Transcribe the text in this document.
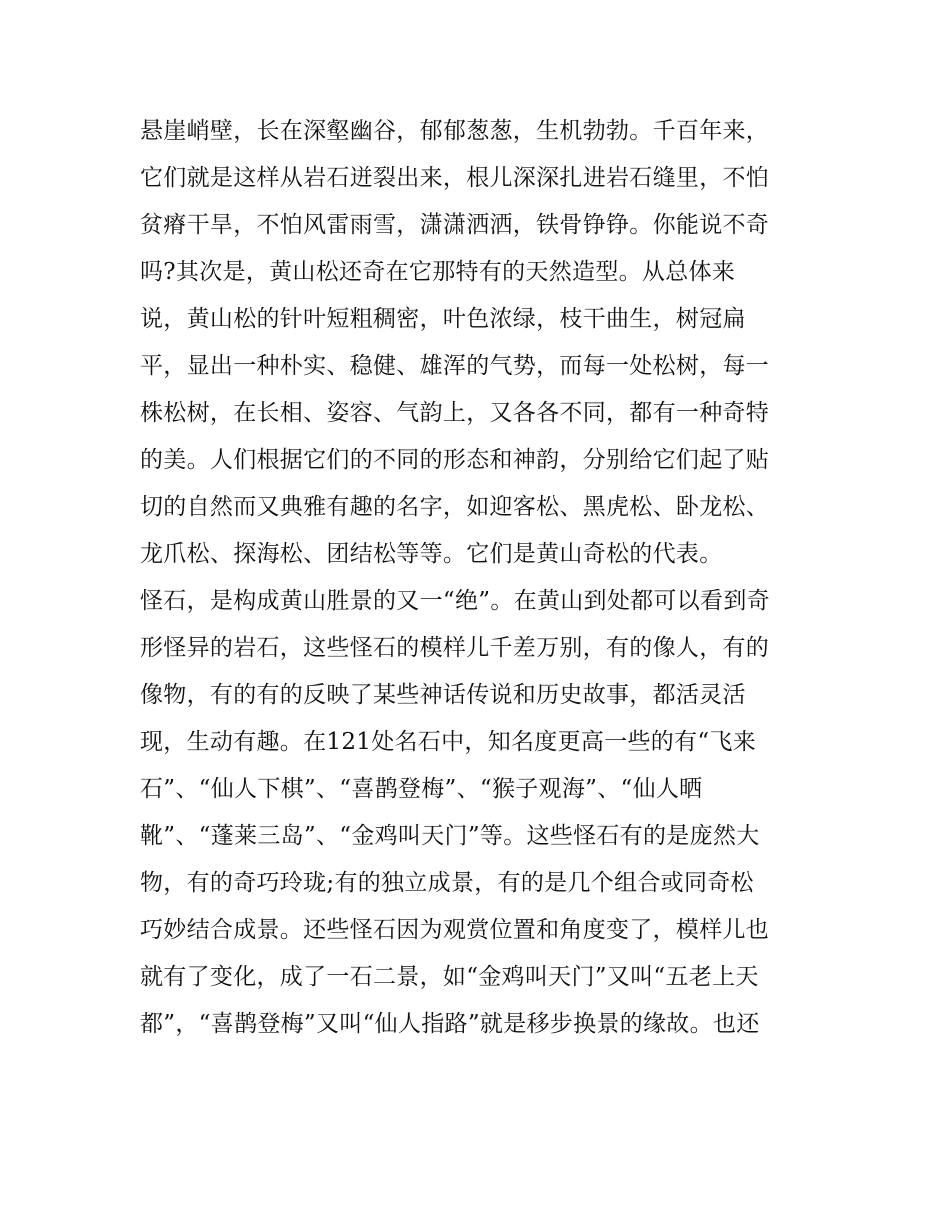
悬崖峭壁，长在深壑幽谷，郁郁葱葱，生机勃勃。千百年来，
它们就是这样从岩石迸裂出来，根儿深深扎进岩石缝里，不怕
贫瘠干旱，不怕风雷雨雪，潇潇洒洒，铁骨铮铮。你能说不奇
吗?其次是，黄山松还奇在它那特有的天然造型。从总体来
说，黄山松的针叶短粗稠密，叶色浓绿，枝干曲生，树冠扁
平，显出一种朴实、稳健、雄浑的气势，而每一处松树，每一
株松树，在长相、姿容、气韵上，又各各不同，都有一种奇特
的美。人们根据它们的不同的形态和神韵，分别给它们起了贴
切的自然而又典雅有趣的名字，如迎客松、黑虎松、卧龙松、
龙爪松、探海松、团结松等等。它们是黄山奇松的代表。
怪石，是构成黄山胜景的又一“绝”。在黄山到处都可以看到奇
形怪异的岩石，这些怪石的模样儿千差万别，有的像人，有的
像物，有的有的反映了某些神话传说和历史故事，都活灵活
现，生动有趣。在121处名石中，知名度更高一些的有“飞来
石”、“仙人下棋”、“喜鹊登梅”、“猴子观海”、“仙人晒
靴”、“蓬莱三岛”、“金鸡叫天门”等。这些怪石有的是庞然大
物，有的奇巧玲珑;有的独立成景，有的是几个组合或同奇松
巧妙结合成景。还些怪石因为观赏位置和角度变了，模样儿也
就有了变化，成了一石二景，如“金鸡叫天门”又叫“五老上天
都”，“喜鹊登梅”又叫“仙人指路”就是移步换景的缘故。也还
